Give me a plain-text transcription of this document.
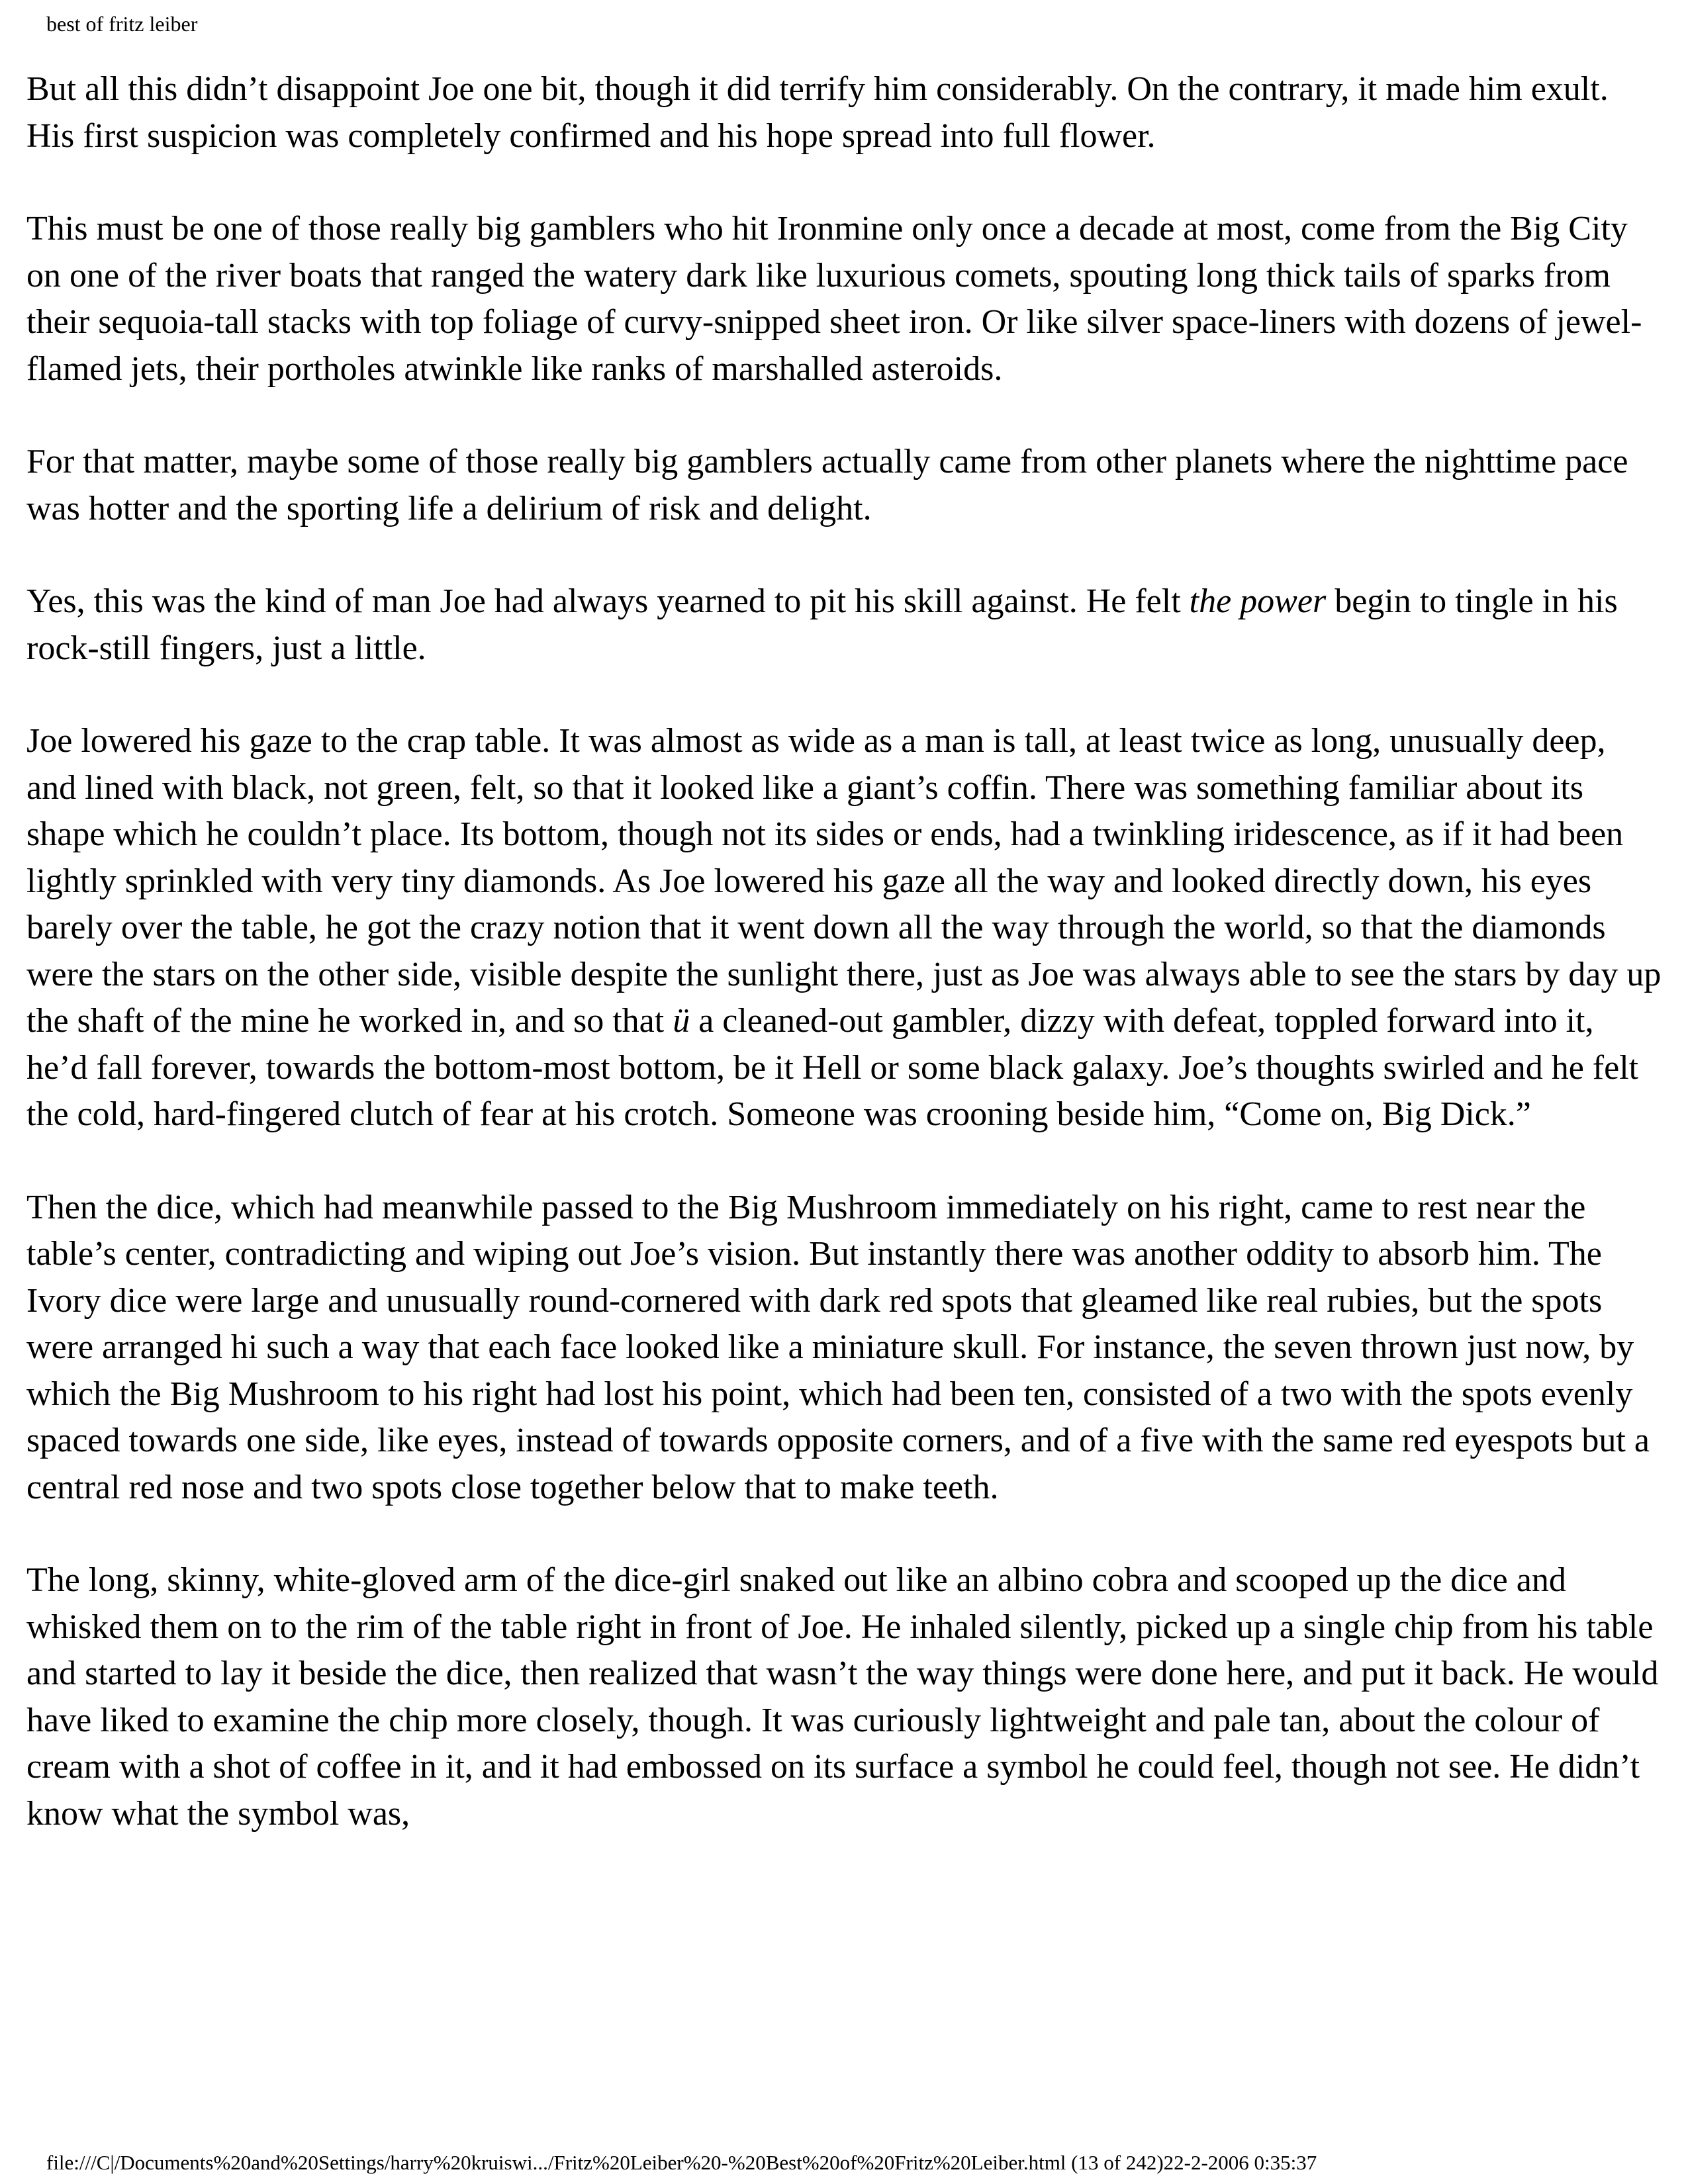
best of fritz leiber

But all this didn’t disappoint Joe one bit, though it did terrify him considerably. On the contrary, it made him exult. His first suspicion was completely confirmed and his hope spread into full flower.

This must be one of those really big gamblers who hit Ironmine only once a decade at most, come from the Big City on one of the river boats that ranged the watery dark like luxurious comets, spouting long thick tails of sparks from their sequoia-tall stacks with top foliage of curvy-snipped sheet iron. Or like silver space-liners with dozens of jewel-flamed jets, their portholes atwinkle like ranks of marshalled asteroids.

For that matter, maybe some of those really big gamblers actually came from other planets where the nighttime pace was hotter and the sporting life a delirium of risk and delight.

Yes, this was the kind of man Joe had always yearned to pit his skill against. He felt the power begin to tingle in his rock-still fingers, just a little.

Joe lowered his gaze to the crap table. It was almost as wide as a man is tall, at least twice as long, unusually deep, and lined with black, not green, felt, so that it looked like a giant’s coffin. There was something familiar about its shape which he couldn’t place. Its bottom, though not its sides or ends, had a twinkling iridescence, as if it had been lightly sprinkled with very tiny diamonds. As Joe lowered his gaze all the way and looked directly down, his eyes barely over the table, he got the crazy notion that it went down all the way through the world, so that the diamonds were the stars on the other side, visible despite the sunlight there, just as Joe was always able to see the stars by day up the shaft of the mine he worked in, and so that ü a cleaned-out gambler, dizzy with defeat, toppled forward into it, he’d fall forever, towards the bottom-most bottom, be it Hell or some black galaxy. Joe’s thoughts swirled and he felt the cold, hard-fingered clutch of fear at his crotch. Someone was crooning beside him, “Come on, Big Dick.”

Then the dice, which had meanwhile passed to the Big Mushroom immediately on his right, came to rest near the table’s center, contradicting and wiping out Joe’s vision. But instantly there was another oddity to absorb him. The Ivory dice were large and unusually round-cornered with dark red spots that gleamed like real rubies, but the spots were arranged hi such a way that each face looked like a miniature skull. For instance, the seven thrown just now, by which the Big Mushroom to his right had lost his point, which had been ten, consisted of a two with the spots evenly spaced towards one side, like eyes, instead of towards opposite corners, and of a five with the same red eyespots but a central red nose and two spots close together below that to make teeth.

The long, skinny, white-gloved arm of the dice-girl snaked out like an albino cobra and scooped up the dice and whisked them on to the rim of the table right in front of Joe. He inhaled silently, picked up a single chip from his table and started to lay it beside the dice, then realized that wasn’t the way things were done here, and put it back. He would have liked to examine the chip more closely, though. It was curiously lightweight and pale tan, about the colour of cream with a shot of coffee in it, and it had embossed on its surface a symbol he could feel, though not see. He didn’t know what the symbol was,

file:///C|/Documents%20and%20Settings/harry%20kruiswi.../Fritz%20Leiber%20-%20Best%20of%20Fritz%20Leiber.html (13 of 242)22-2-2006 0:35:37
